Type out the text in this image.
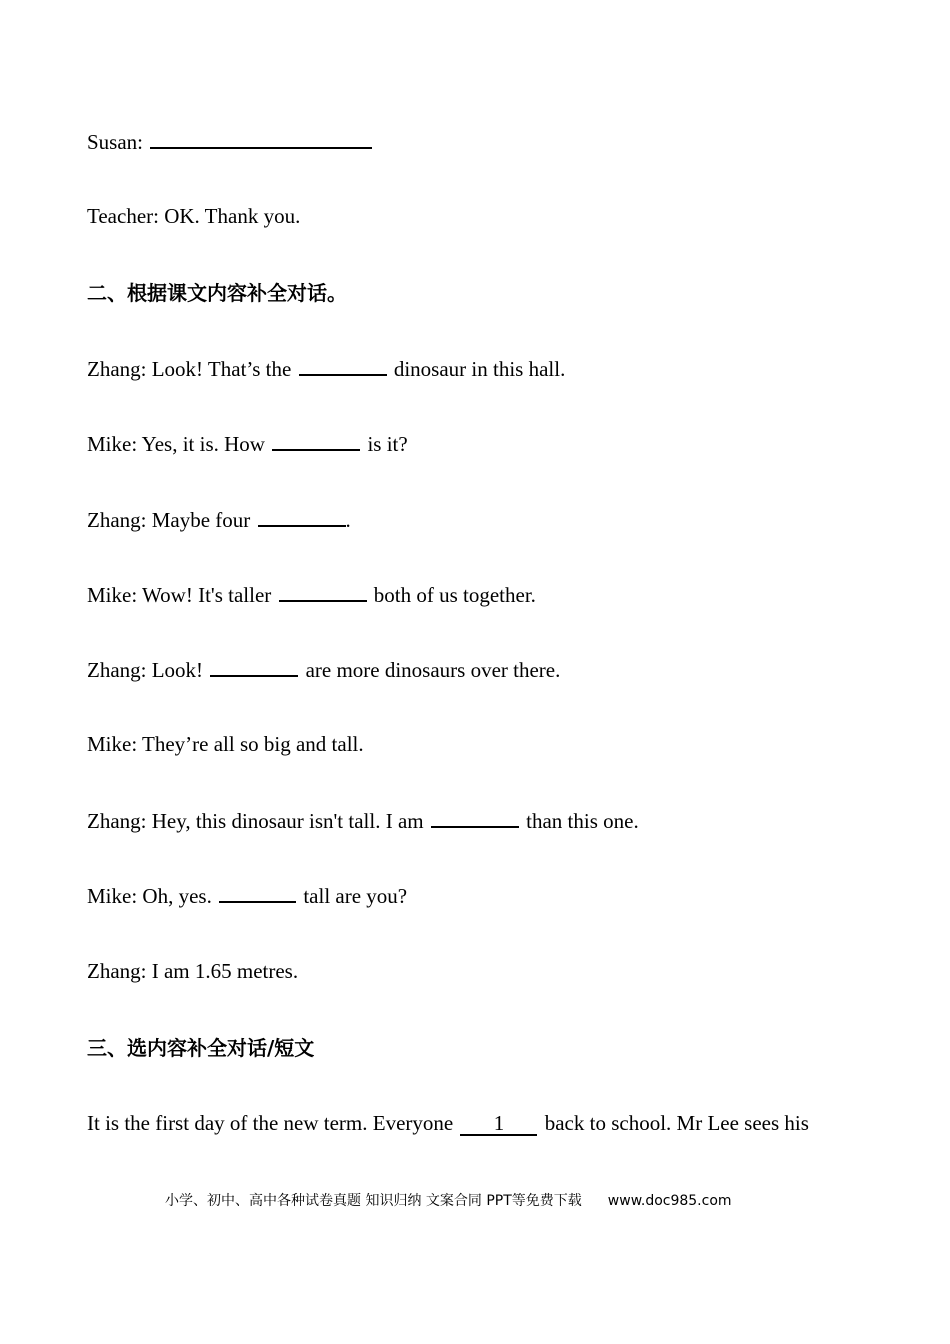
Susan:
Teacher: OK. Thank you.
二、根据课文内容补全对话。
Zhang: Look! That’s the	dinosaur in this hall.
Mike: Yes, it is. How	is it?
Zhang: Maybe four	.
Mike: Wow! It's taller	both of us together.
Zhang: Look!	are more dinosaurs over there.
Mike: They’re all so big and tall.
Zhang: Hey, this dinosaur isn't tall. I am	than this one.
Mike: Oh, yes.	tall are you?
Zhang: I am 1.65 metres.
三、选内容补全对话/短文
It is the first day of the new term. Everyone 1 back to school. Mr Lee sees his
小学、初中、高中各种试卷真题 知识归纳 文案合同 PPT等免费下载 www.doc985.com
